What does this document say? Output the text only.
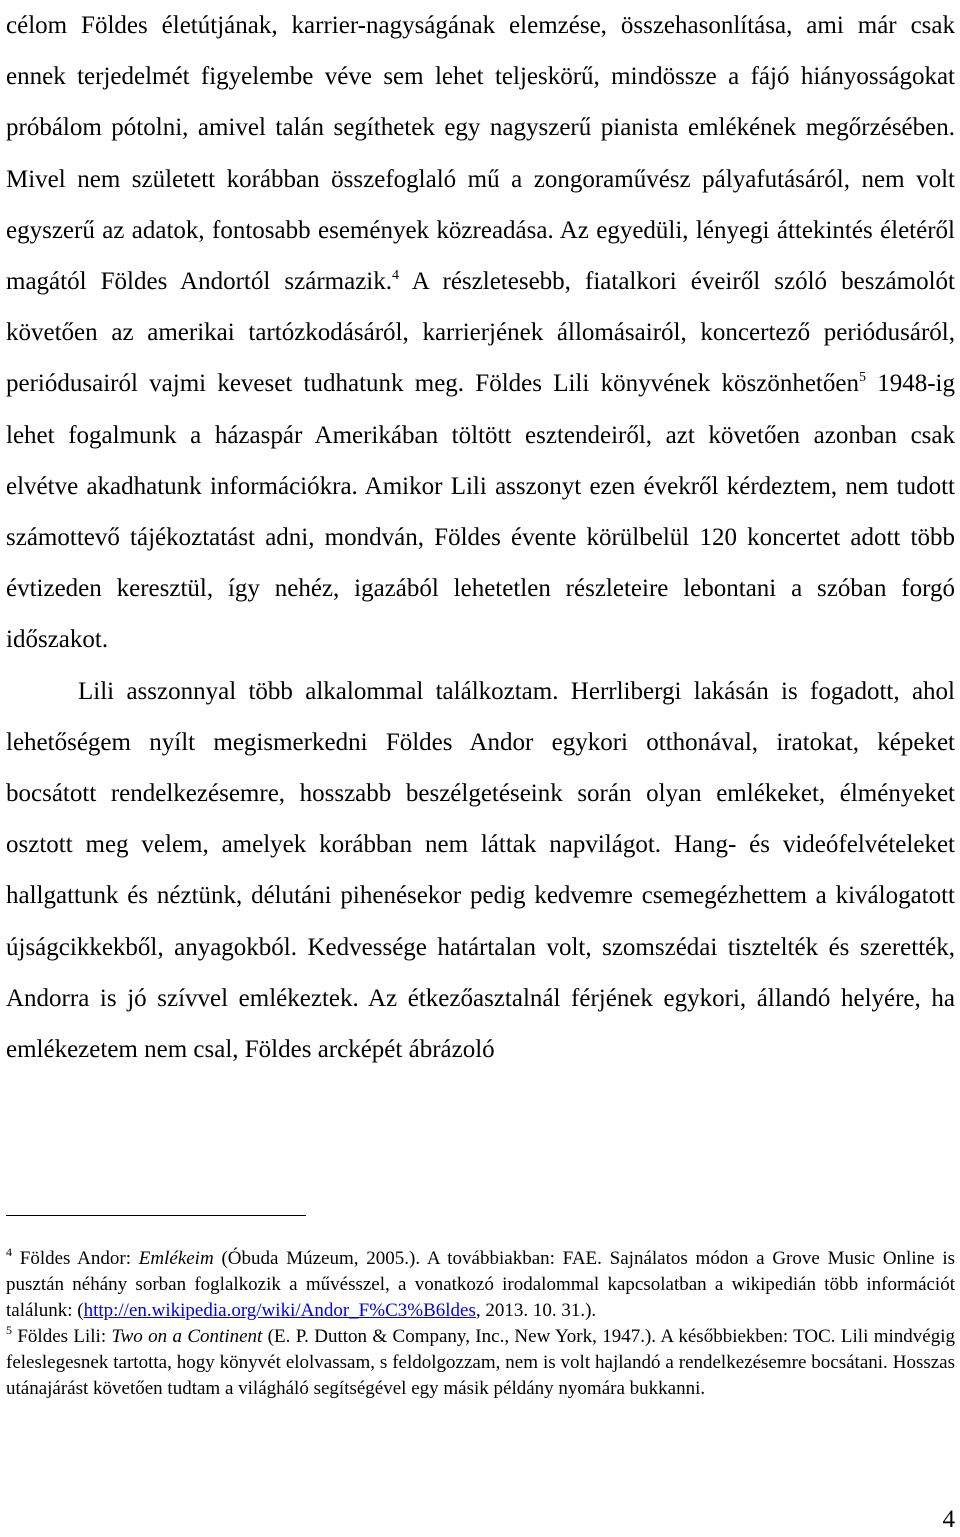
célom Földes életútjának, karrier-nagyságának elemzése, összehasonlítása, ami már csak ennek terjedelmét figyelembe véve sem lehet teljeskörű, mindössze a fájó hiányosságokat próbálom pótolni, amivel talán segíthetek egy nagyszerű pianista emlékének megőrzésében. Mivel nem született korábban összefoglaló mű a zongoraművész pályafutásáról, nem volt egyszerű az adatok, fontosabb események közreadása. Az egyedüli, lényegi áttekintés életéről magától Földes Andortól származik.$^4$ A részletesebb, fiatalkori éveiről szóló beszámolót követően az amerikai tartózkodásáról, karrierjének állomásairól, koncertező periódusáról, periódusairól vajmi keveset tudhatunk meg. Földes Lili könyvének köszönhetően$^5$ 1948-ig lehet fogalmunk a házaspár Amerikában töltött esztendeiről, azt követően azonban csak elvétve akadhatunk információkra. Amikor Lili asszonyt ezen évekről kérdeztem, nem tudott számottevő tájékoztatást adni, mondván, Földes évente körülbelül 120 koncertet adott több évtizeden keresztül, így nehéz, igazából lehetetlen részleteire lebontani a szóban forgó időszakot.

Lili asszonnyal több alkalommal találkoztam. Herrlibergi lakásán is fogadott, ahol lehetőségem nyílt megismerkedni Földes Andor egykori otthonával, iratokat, képeket bocsátott rendelkezésemre, hosszabb beszélgetéseink során olyan emlékeket, élményeket osztott meg velem, amelyek korábban nem láttak napvilágot. Hang- és videófelvételeket hallgattunk és néztünk, délutáni pihenésekor pedig kedvemre csemegézhettem a kiválogatott újságcikkekből, anyagokból. Kedvessége határtalan volt, szomszédai tisztelték és szerették, Andorra is jó szívvel emlékeztek. Az étkezőasztalnál férjének egykori, állandó helyére, ha emlékezetem nem csal, Földes arcképét ábrázoló

$^4$ Földes Andor: Emlékeim (Óbuda Múzeum, 2005.). A továbbiakban: FAE. Sajnálatos módon a Grove Music Online is pusztán néhány sorban foglalkozik a művésszel, a vonatkozó irodalommal kapcsolatban a wikipedián több információt találunk: (http://en.wikipedia.org/wiki/Andor_F%C3%B6ldes, 2013. 10. 31.).

$^5$ Földes Lili: Two on a Continent (E. P. Dutton & Company, Inc., New York, 1947.). A későbbiekben: TOC. Lili mindvégig feleslegesnek tartotta, hogy könyvét elolvassam, s feldolgozzam, nem is volt hajlandó a rendelkezésemre bocsátani. Hosszas utánajárást követően tudtam a világháló segítségével egy másik példány nyomára bukkanni.

4
